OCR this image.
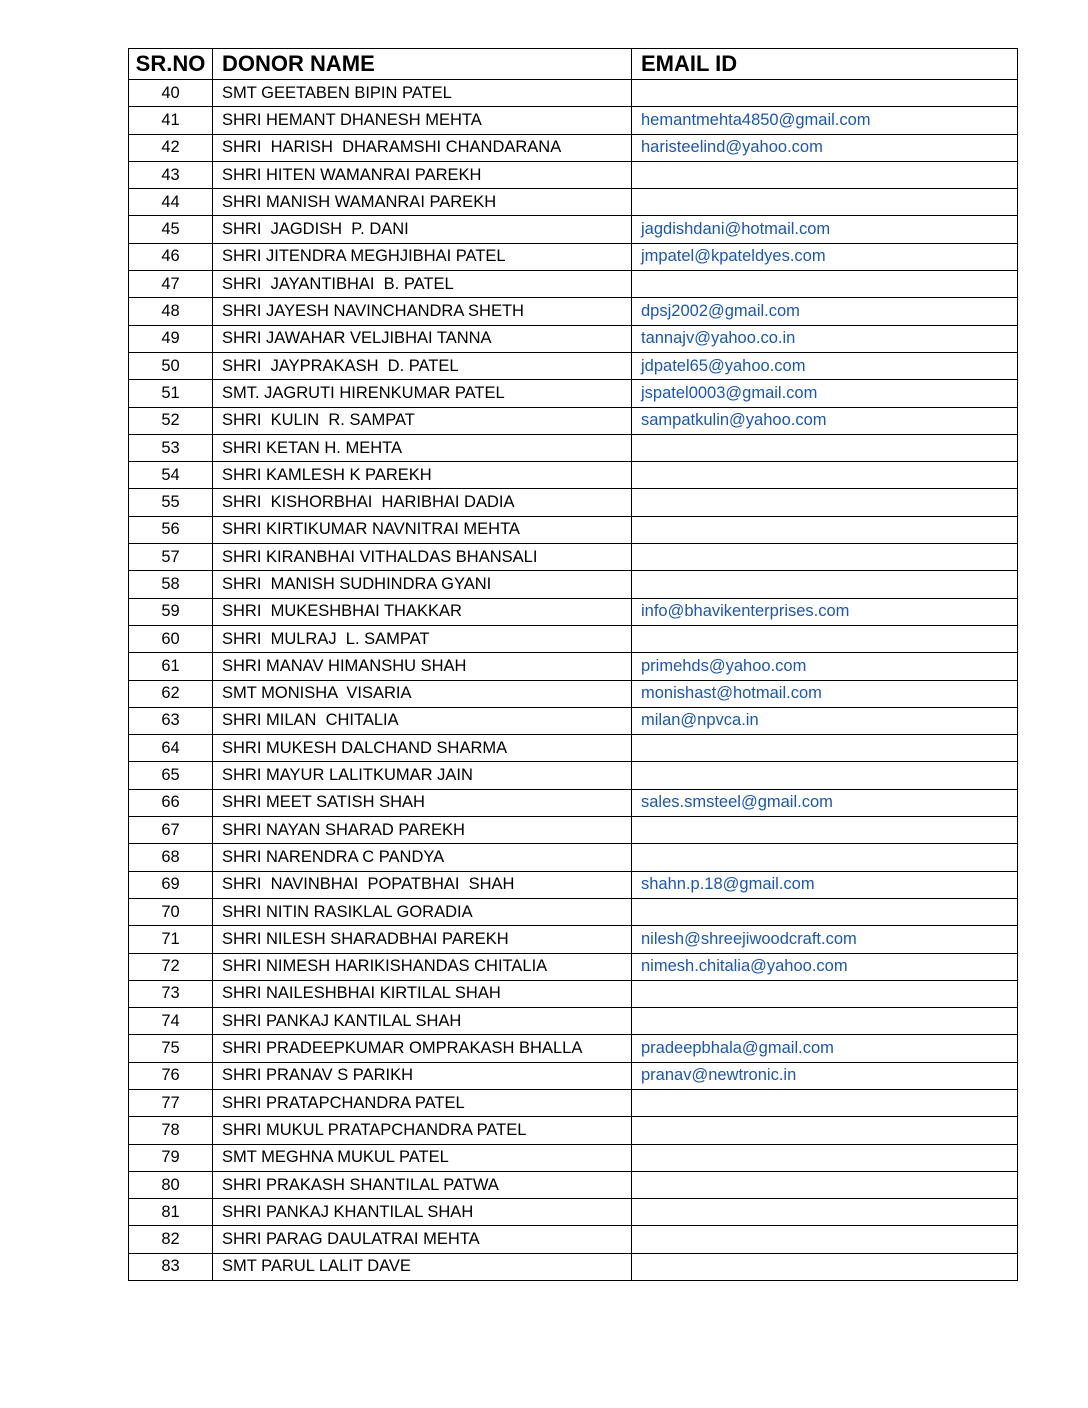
SR.NO	DONOR NAME	EMAIL ID
40	SMT GEETABEN BIPIN PATEL	
41	SHRI HEMANT DHANESH MEHTA	hemantmehta4850@gmail.com
42	SHRI  HARISH  DHARAMSHI CHANDARANA	haristeelind@yahoo.com
43	SHRI HITEN WAMANRAI PAREKH	
44	SHRI MANISH WAMANRAI PAREKH	
45	SHRI  JAGDISH  P. DANI	jagdishdani@hotmail.com
46	SHRI JITENDRA MEGHJIBHAI PATEL	jmpatel@kpateldyes.com
47	SHRI  JAYANTIBHAI  B. PATEL	
48	SHRI JAYESH NAVINCHANDRA SHETH	dpsj2002@gmail.com
49	SHRI JAWAHAR VELJIBHAI TANNA	tannajv@yahoo.co.in
50	SHRI  JAYPRAKASH  D. PATEL	jdpatel65@yahoo.com
51	SMT. JAGRUTI HIRENKUMAR PATEL	jspatel0003@gmail.com
52	SHRI  KULIN  R. SAMPAT	sampatkulin@yahoo.com
53	SHRI KETAN H. MEHTA	
54	SHRI KAMLESH K PAREKH	
55	SHRI  KISHORBHAI  HARIBHAI DADIA	
56	SHRI KIRTIKUMAR NAVNITRAI MEHTA	
57	SHRI KIRANBHAI VITHALDAS BHANSALI	
58	SHRI  MANISH SUDHINDRA GYANI	
59	SHRI  MUKESHBHAI THAKKAR	info@bhavikenterprises.com
60	SHRI  MULRAJ  L. SAMPAT	
61	SHRI MANAV HIMANSHU SHAH	primehds@yahoo.com
62	SMT MONISHA  VISARIA	monishast@hotmail.com
63	SHRI MILAN  CHITALIA	milan@npvca.in
64	SHRI MUKESH DALCHAND SHARMA	
65	SHRI MAYUR LALITKUMAR JAIN	
66	SHRI MEET SATISH SHAH	sales.smsteel@gmail.com
67	SHRI NAYAN SHARAD PAREKH	
68	SHRI NARENDRA C PANDYA	
69	SHRI  NAVINBHAI  POPATBHAI  SHAH	shahn.p.18@gmail.com
70	SHRI NITIN RASIKLAL GORADIA	
71	SHRI NILESH SHARADBHAI PAREKH	nilesh@shreejiwoodcraft.com
72	SHRI NIMESH HARIKISHANDAS CHITALIA	nimesh.chitalia@yahoo.com
73	SHRI NAILESHBHAI KIRTILAL SHAH	
74	SHRI PANKAJ KANTILAL SHAH	
75	SHRI PRADEEPKUMAR OMPRAKASH BHALLA	pradeepbhala@gmail.com
76	SHRI PRANAV S PARIKH	pranav@newtronic.in
77	SHRI PRATAPCHANDRA PATEL	
78	SHRI MUKUL PRATAPCHANDRA PATEL	
79	SMT MEGHNA MUKUL PATEL	
80	SHRI PRAKASH SHANTILAL PATWA	
81	SHRI PANKAJ KHANTILAL SHAH	
82	SHRI PARAG DAULATRAI MEHTA	
83	SMT PARUL LALIT DAVE	
